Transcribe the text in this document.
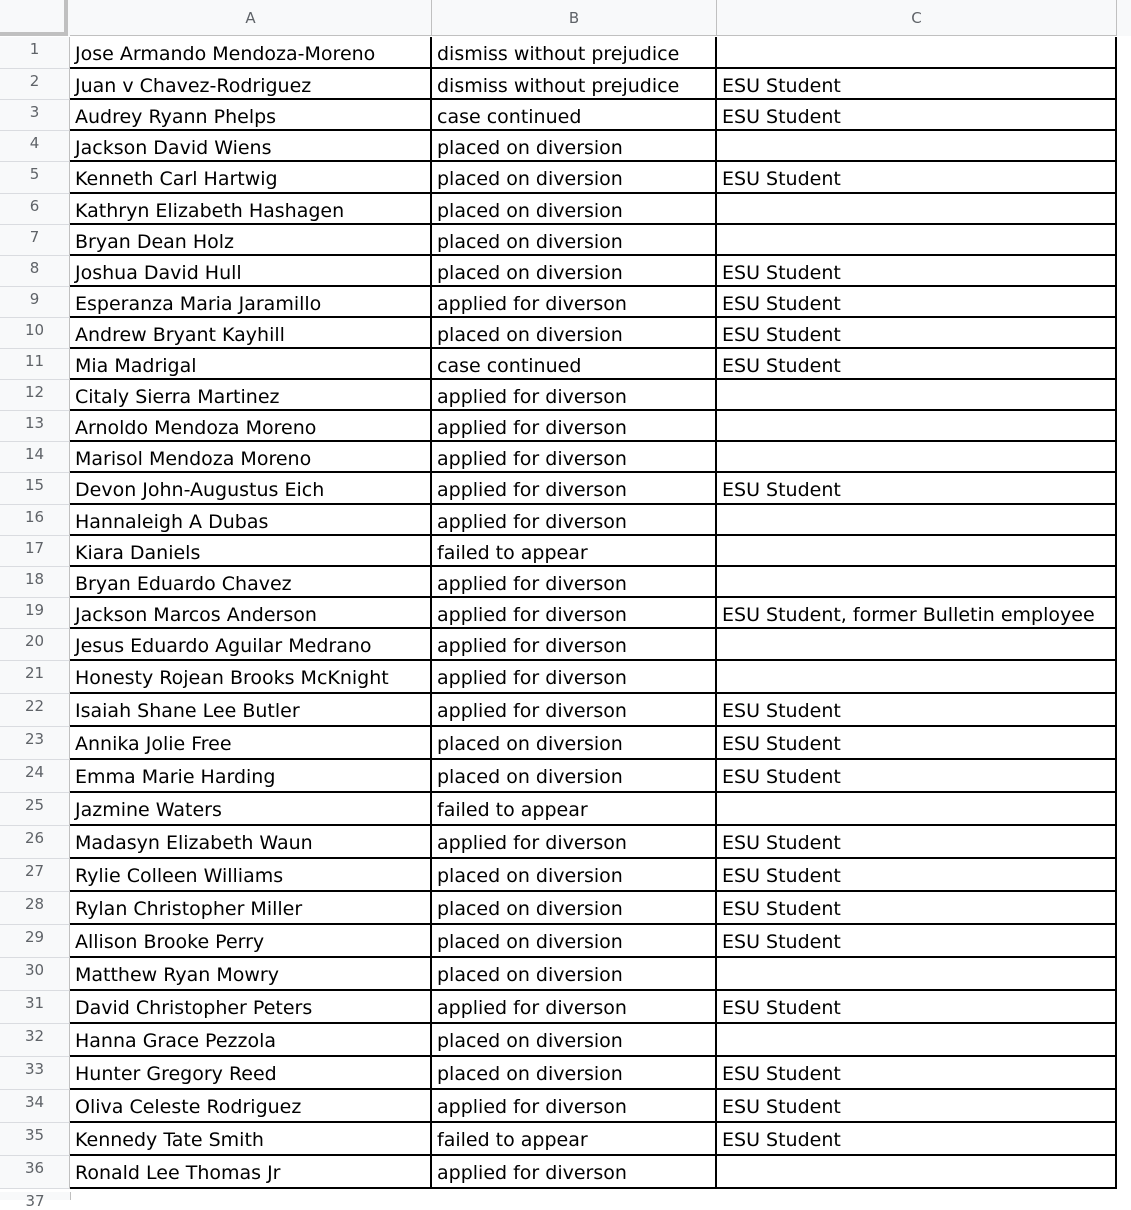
A	B	C
1	Jose Armando Mendoza-Moreno	dismiss without prejudice
2	Juan v Chavez-Rodriguez	dismiss without prejudice	ESU Student
3	Audrey Ryann Phelps	case continued	ESU Student
4	Jackson David Wiens	placed on diversion
5	Kenneth Carl Hartwig	placed on diversion	ESU Student
6	Kathryn Elizabeth Hashagen	placed on diversion
7	Bryan Dean Holz	placed on diversion
8	Joshua David Hull	placed on diversion	ESU Student
9	Esperanza Maria Jaramillo	applied for diverson	ESU Student
10	Andrew Bryant Kayhill	placed on diversion	ESU Student
11	Mia Madrigal	case continued	ESU Student
12	Citaly Sierra Martinez	applied for diverson
13	Arnoldo Mendoza Moreno	applied for diverson
14	Marisol Mendoza Moreno	applied for diverson
15	Devon John-Augustus Eich	applied for diverson	ESU Student
16	Hannaleigh A Dubas	applied for diverson
17	Kiara Daniels	failed to appear
18	Bryan Eduardo Chavez	applied for diverson
19	Jackson Marcos Anderson	applied for diverson	ESU Student, former Bulletin employee
20	Jesus Eduardo Aguilar Medrano	applied for diverson
21	Honesty Rojean Brooks McKnight	applied for diverson
22	Isaiah Shane Lee Butler	applied for diverson	ESU Student
23	Annika Jolie Free	placed on diversion	ESU Student
24	Emma Marie Harding	placed on diversion	ESU Student
25	Jazmine Waters	failed to appear
26	Madasyn Elizabeth Waun	applied for diverson	ESU Student
27	Rylie Colleen Williams	placed on diversion	ESU Student
28	Rylan Christopher Miller	placed on diversion	ESU Student
29	Allison Brooke Perry	placed on diversion	ESU Student
30	Matthew Ryan Mowry	placed on diversion
31	David Christopher Peters	applied for diverson	ESU Student
32	Hanna Grace Pezzola	placed on diversion
33	Hunter Gregory Reed	placed on diversion	ESU Student
34	Oliva Celeste Rodriguez	applied for diverson	ESU Student
35	Kennedy Tate Smith	failed to appear	ESU Student
36	Ronald Lee Thomas Jr	applied for diverson
37
